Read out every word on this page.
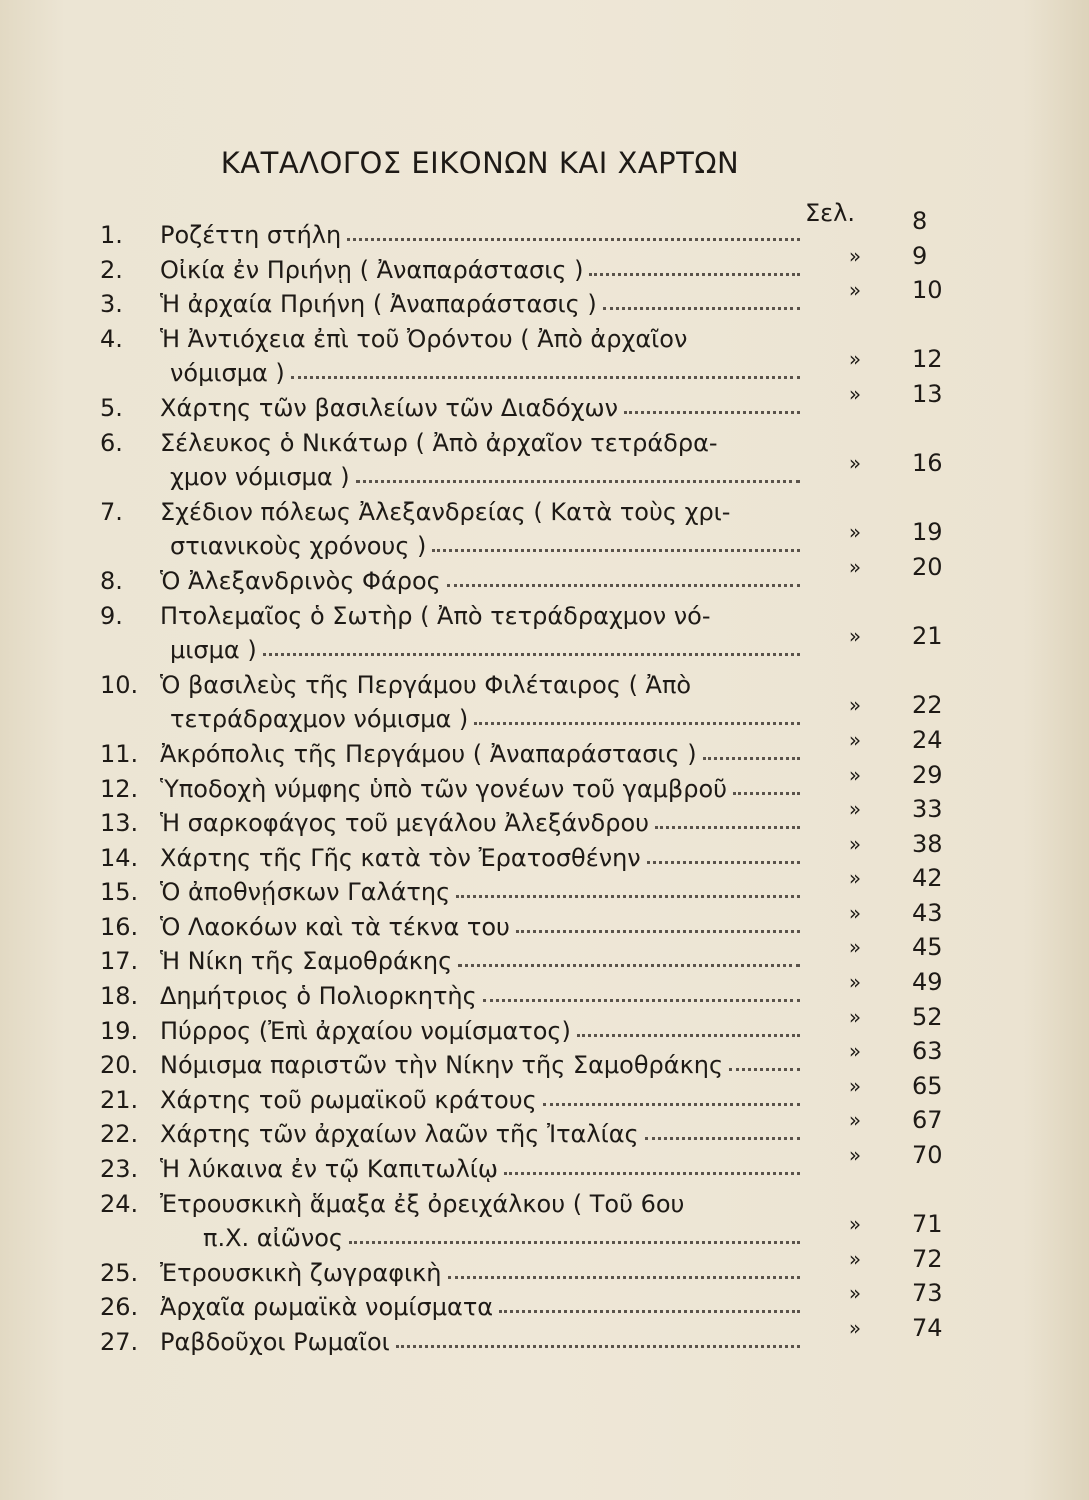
ΚΑΤΑΛΟΓΟΣ ΕΙΚΟΝΩΝ ΚΑΙ ΧΑΡΤΩΝ
Σελ.
1.	Ροζέττη στήλη	8
2.	Οἰκία ἐν Πριήνῃ ( Ἀναπαράστασις )	»	9
3.	Ἡ ἀρχαία Πριήνη ( Ἀναπαράστασις )	»	10
4.	Ἡ Ἀντιόχεια ἐπὶ τοῦ Ὀρόντου ( Ἀπὸ ἀρχαῖον
νόμισμα )	»	12
5.	Χάρτης τῶν βασιλείων τῶν Διαδόχων	»	13
6.	Σέλευκος ὁ Νικάτωρ ( Ἀπὸ ἀρχαῖον τετράδρα-
χμον νόμισμα )	»	16
7.	Σχέδιον πόλεως Ἀλεξανδρείας ( Κατὰ τοὺς χρι-
στιανικοὺς χρόνους )	»	19
8.	Ὁ Ἀλεξανδρινὸς Φάρος	»	20
9.	Πτολεμαῖος ὁ Σωτὴρ ( Ἀπὸ τετράδραχμον νό-
μισμα )	»	21
10. Ὁ βασιλεὺς τῆς Περγάμου Φιλέταιρος ( Ἀπὸ
τετράδραχμον νόμισμα )	»	22
11. Ἀκρόπολις τῆς Περγάμου ( Ἀναπαράστασις )	»	24
12. Ὑποδοχὴ νύμφης ὑπὸ τῶν γονέων τοῦ γαμβροῦ	»	29
13. Ἡ σαρκοφάγος τοῦ μεγάλου Ἀλεξάνδρου	»	33
14. Χάρτης τῆς Γῆς κατὰ τὸν Ἐρατοσθένην	»	38
15. Ὁ ἀποθνῄσκων Γαλάτης	»	42
16. Ὁ Λαοκόων καὶ τὰ τέκνα του	»	43
17. Ἡ Νίκη τῆς Σαμοθράκης	»	45
18. Δημήτριος ὁ Πολιορκητὴς	»	49
19. Πύρρος (Ἐπὶ ἀρχαίου νομίσματος)	»	52
20. Νόμισμα παριστῶν τὴν Νίκην τῆς Σαμοθράκης	»	63
21. Χάρτης τοῦ ρωμαϊκοῦ κράτους	»	65
22. Χάρτης τῶν ἀρχαίων λαῶν τῆς Ἰταλίας	»	67
23. Ἡ λύκαινα ἐν τῷ Καπιτωλίῳ	»	70
24. Ἐτρουσκικὴ ἅμαξα ἐξ ὀρειχάλκου ( Τοῦ 6ου
π.Χ. αἰῶνος	»	71
25. Ἐτρουσκικὴ ζωγραφικὴ	»	72
26. Ἀρχαῖα ρωμαϊκὰ νομίσματα	»	73
27. Ραβδοῦχοι Ρωμαῖοι	»	74
